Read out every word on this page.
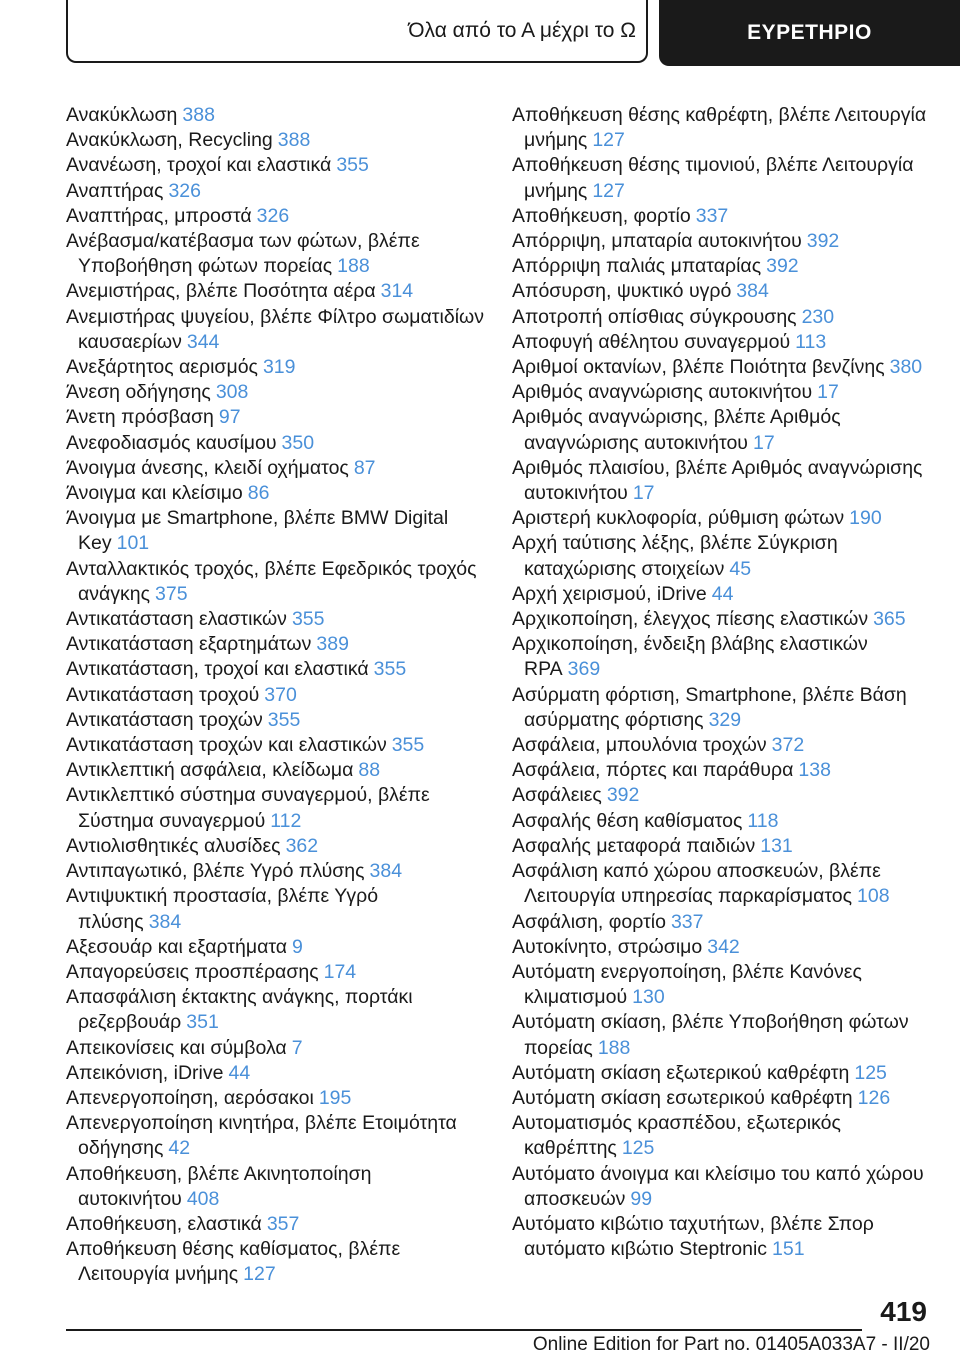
Όλα από το Α μέχρι το Ω	ΕΥΡΕΤΗΡΙΟ
Ανακύκλωση 388
Ανακύκλωση, Recycling 388
Ανανέωση, τροχοί και ελαστικά 355
Αναπτήρας 326
Αναπτήρας, μπροστά 326
Ανέβασμα/κατέβασμα των φώτων, βλέπε Υποβοήθηση φώτων πορείας 188
Ανεμιστήρας, βλέπε Ποσότητα αέρα 314
Ανεμιστήρας ψυγείου, βλέπε Φίλτρο σωματιδίων καυσαερίων 344
Ανεξάρτητος αερισμός 319
Άνεση οδήγησης 308
Άνετη πρόσβαση 97
Ανεφοδιασμός καυσίμου 350
Άνοιγμα άνεσης, κλειδί οχήματος 87
Άνοιγμα και κλείσιμο 86
Άνοιγμα με Smartphone, βλέπε BMW Digital Key 101
Ανταλλακτικός τροχός, βλέπε Εφεδρικός τροχός ανάγκης 375
Αντικατάσταση ελαστικών 355
Αντικατάσταση εξαρτημάτων 389
Αντικατάσταση, τροχοί και ελαστικά 355
Αντικατάσταση τροχού 370
Αντικατάσταση τροχών 355
Αντικατάσταση τροχών και ελαστικών 355
Αντικλεπτική ασφάλεια, κλείδωμα 88
Αντικλεπτικό σύστημα συναγερμού, βλέπε Σύστημα συναγερμού 112
Αντιολισθητικές αλυσίδες 362
Αντιπαγωτικό, βλέπε Υγρό πλύσης 384
Αντιψυκτική προστασία, βλέπε Υγρό πλύσης 384
Αξεσουάρ και εξαρτήματα 9
Απαγορεύσεις προσπέρασης 174
Απασφάλιση έκτακτης ανάγκης, πορτάκι ρεζερβουάρ 351
Απεικονίσεις και σύμβολα 7
Απεικόνιση, iDrive 44
Απενεργοποίηση, αερόσακοι 195
Απενεργοποίηση κινητήρα, βλέπε Ετοιμότητα οδήγησης 42
Αποθήκευση, βλέπε Ακινητοποίηση αυτοκινήτου 408
Αποθήκευση, ελαστικά 357
Αποθήκευση θέσης καθίσματος, βλέπε Λειτουργία μνήμης 127
Αποθήκευση θέσης καθρέφτη, βλέπε Λειτουργία μνήμης 127
Αποθήκευση θέσης τιμονιού, βλέπε Λειτουργία μνήμης 127
Αποθήκευση, φορτίο 337
Απόρριψη, μπαταρία αυτοκινήτου 392
Απόρριψη παλιάς μπαταρίας 392
Απόσυρση, ψυκτικό υγρό 384
Αποτροπή οπίσθιας σύγκρουσης 230
Αποφυγή αθέλητου συναγερμού 113
Αριθμοί οκτανίων, βλέπε Ποιότητα βενζίνης 380
Αριθμός αναγνώρισης αυτοκινήτου 17
Αριθμός αναγνώρισης, βλέπε Αριθμός αναγνώρισης αυτοκινήτου 17
Αριθμός πλαισίου, βλέπε Αριθμός αναγνώρισης αυτοκινήτου 17
Αριστερή κυκλοφορία, ρύθμιση φώτων 190
Αρχή ταύτισης λέξης, βλέπε Σύγκριση καταχώρισης στοιχείων 45
Αρχή χειρισμού, iDrive 44
Αρχικοποίηση, έλεγχος πίεσης ελαστικών 365
Αρχικοποίηση, ένδειξη βλάβης ελαστικών RPA 369
Ασύρματη φόρτιση, Smartphone, βλέπε Βάση ασύρματης φόρτισης 329
Ασφάλεια, μπουλόνια τροχών 372
Ασφάλεια, πόρτες και παράθυρα 138
Ασφάλειες 392
Ασφαλής θέση καθίσματος 118
Ασφαλής μεταφορά παιδιών 131
Ασφάλιση καπό χώρου αποσκευών, βλέπε Λειτουργία υπηρεσίας παρκαρίσματος 108
Ασφάλιση, φορτίο 337
Αυτοκίνητο, στρώσιμο 342
Αυτόματη ενεργοποίηση, βλέπε Κανόνες κλιματισμού 130
Αυτόματη σκίαση, βλέπε Υποβοήθηση φώτων πορείας 188
Αυτόματη σκίαση εξωτερικού καθρέφτη 125
Αυτόματη σκίαση εσωτερικού καθρέφτη 126
Αυτοματισμός κρασπέδου, εξωτερικός καθρέπτης 125
Αυτόματο άνοιγμα και κλείσιμο του καπό χώρου αποσκευών 99
Αυτόματο κιβώτιο ταχυτήτων, βλέπε Σπορ αυτόματο κιβώτιο Steptronic 151
419
Online Edition for Part no. 01405A033A7 - II/20
